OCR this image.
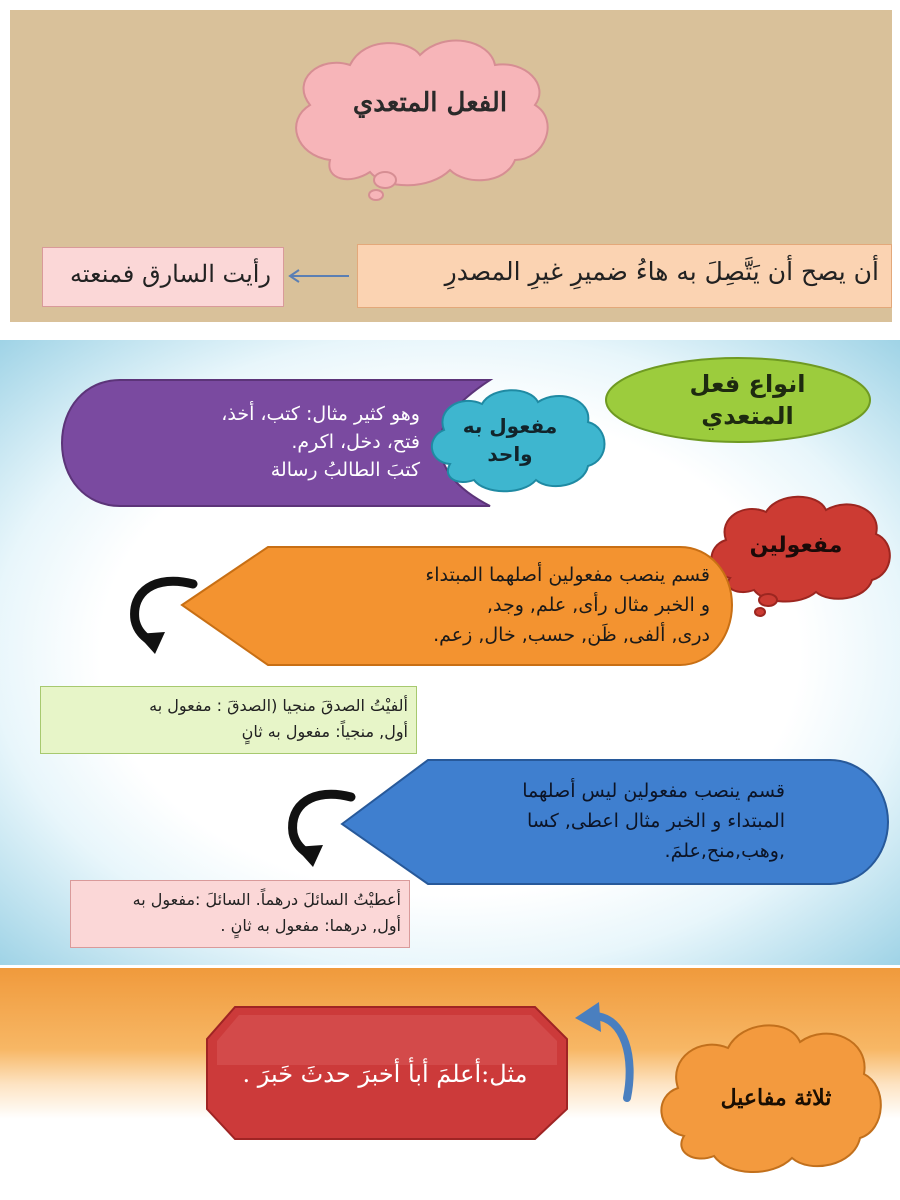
الفعل المتعدي
أن يصح أن يَتَّصِلَ به هاءُ ضميرِ غيرِ المصدرِ
رأيت السارق فمنعته
انواع فعل
المتعدي
وهو كثير مثال: كتب، أخذ،
فتح، دخل، اكرم.
كتبَ الطالبُ رسالة
مفعول به
واحد
مفعولين
قسم ينصب مفعولين أصلهما المبتداء
و الخبر مثال رأى, علم, وجد,
درى, ألفى, ظَن, حسب, خال, زعم.
ألفيْتُ الصدقَ منجيا (الصدقَ : مفعول به
أول, منجياً: مفعول به ثانٍ
قسم ينصب مفعولين ليس أصلهما
المبتداء و الخبر مثال اعطى, كسا
,وهب,منح,علمَ.
أعطيْتُ السائلَ درهماً. السائلَ :مفعول به
أول, درهما: مفعول به ثانٍ .
ثلاثة مفاعيل
مثل:أعلمَ أبأ أخبرَ حدثَ خَبرَ .
